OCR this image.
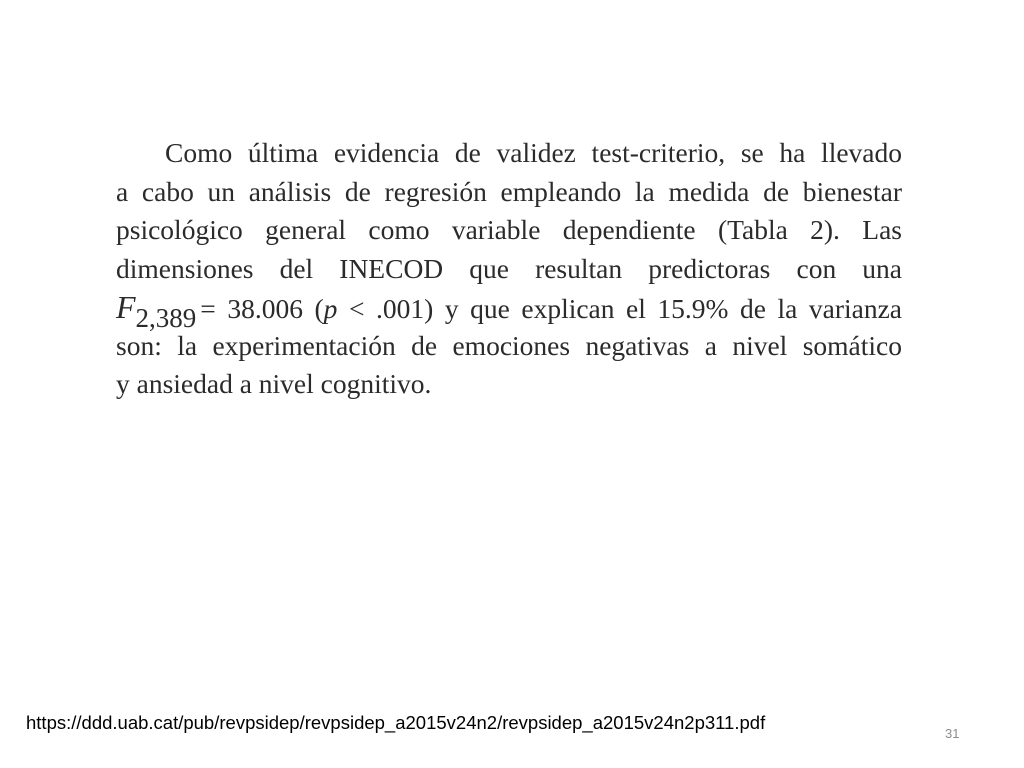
Como última evidencia de validez test-criterio, se ha llevado
a cabo un análisis de regresión empleando la medida de bienestar
psicológico general como variable dependiente (Tabla 2). Las
dimensiones del INECOD que resultan predictoras con una
F2,389 = 38.006 (p < .001) y que explican el 15.9% de la varianza
son: la experimentación de emociones negativas a nivel somático
y ansiedad a nivel cognitivo.
https://ddd.uab.cat/pub/revpsidep/revpsidep_a2015v24n2/revpsidep_a2015v24n2p311.pdf
31
